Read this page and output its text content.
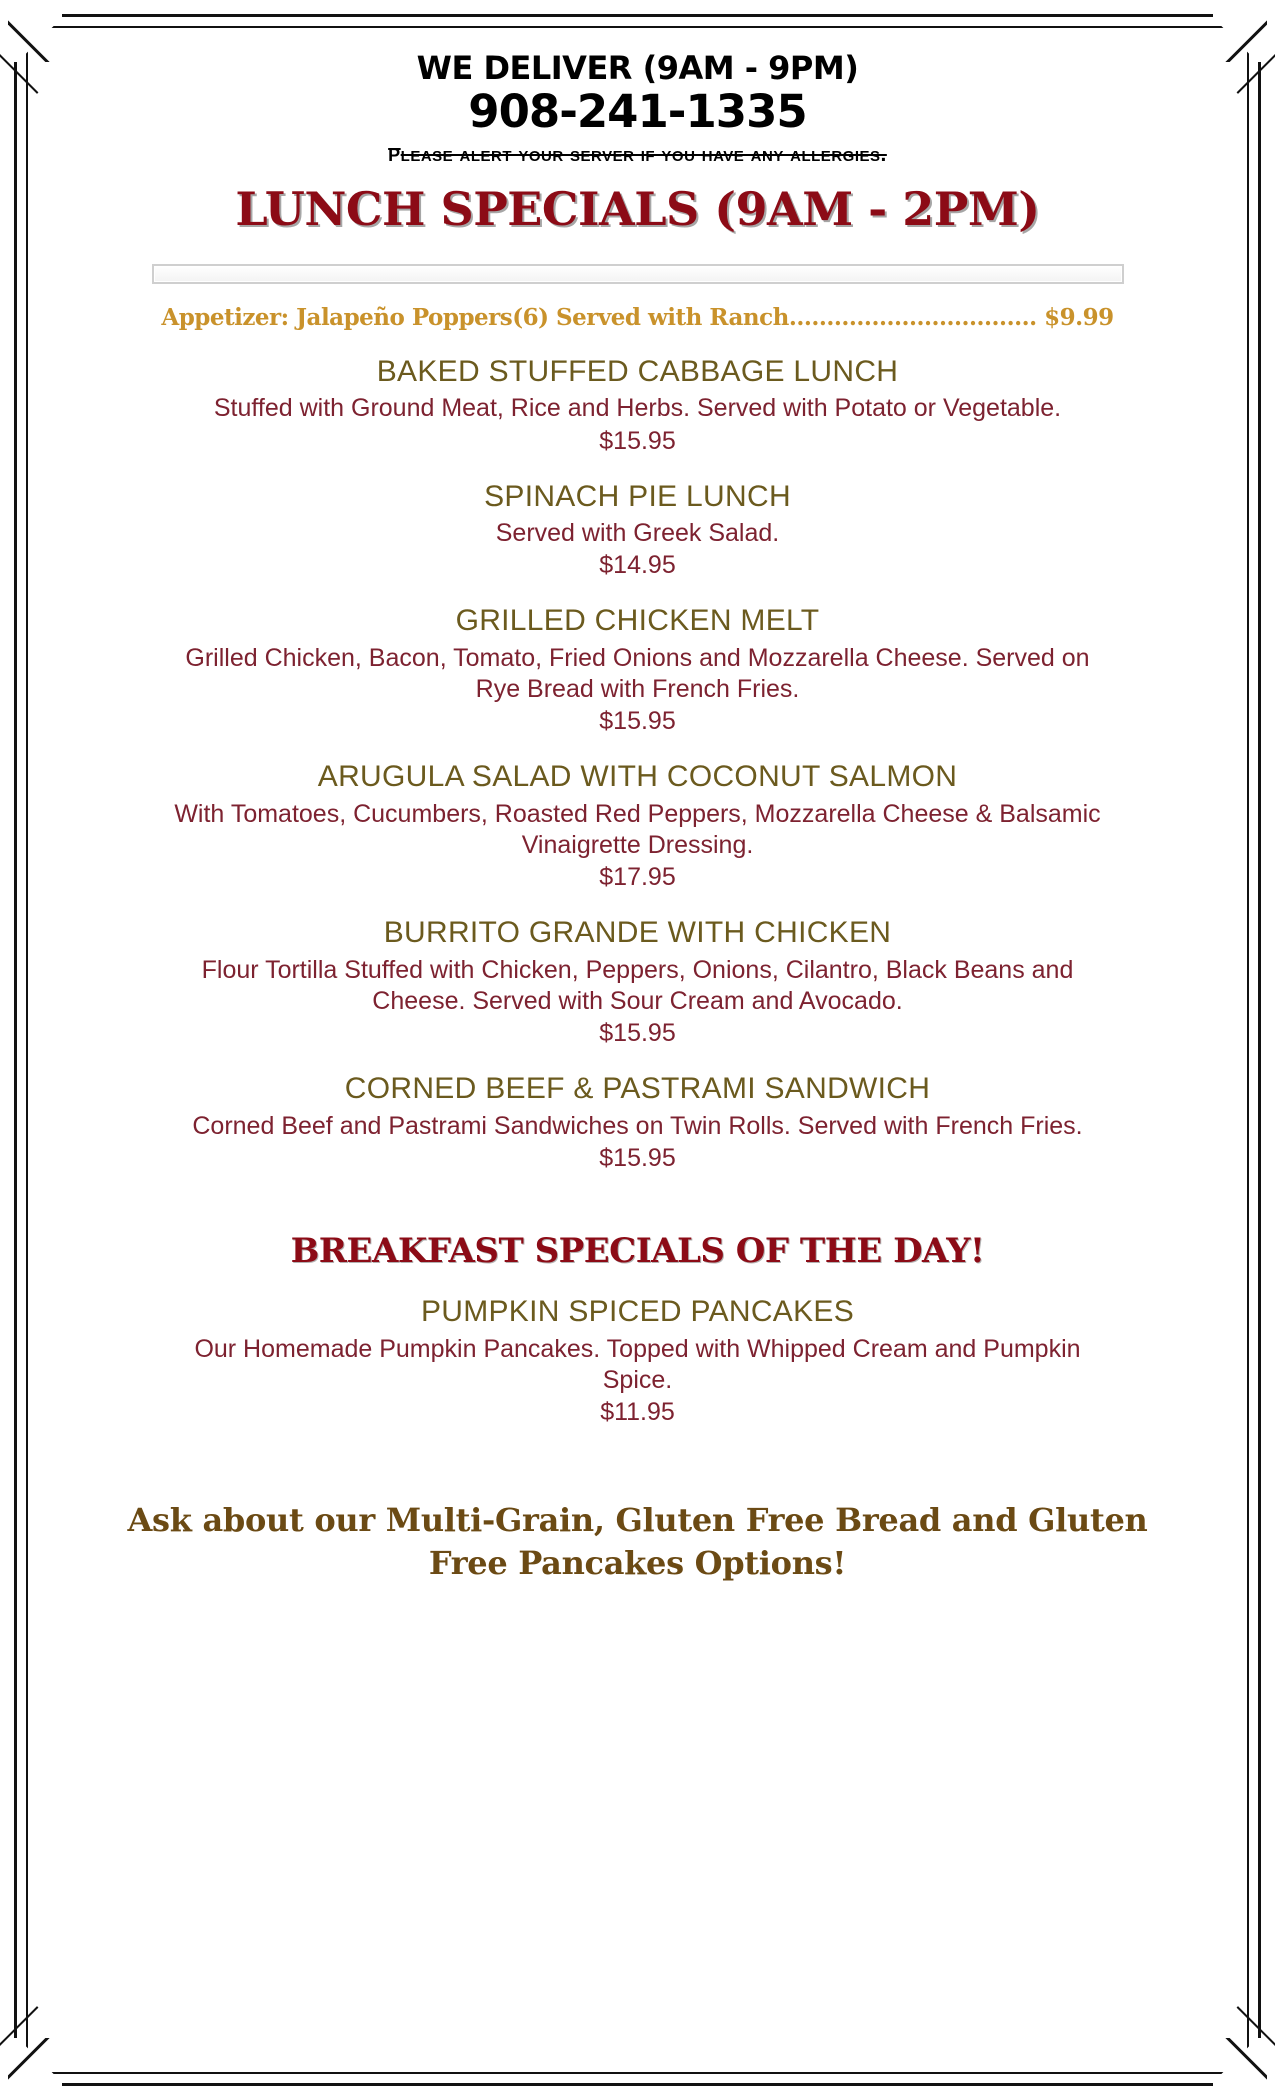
WE DELIVER (9AM - 9PM)
908-241-1335
please alert your server if you have any allergies.
LUNCH SPECIALS (9AM - 2PM)
Appetizer: Jalapeño Poppers(6) Served with Ranch................................. $9.99
BAKED STUFFED CABBAGE LUNCH
Stuffed with Ground Meat, Rice and Herbs. Served with Potato or Vegetable.
$15.95
SPINACH PIE LUNCH
Served with Greek Salad.
$14.95
GRILLED CHICKEN MELT
Grilled Chicken, Bacon, Tomato, Fried Onions and Mozzarella Cheese. Served on Rye Bread with French Fries.
$15.95
ARUGULA SALAD WITH COCONUT SALMON
With Tomatoes, Cucumbers, Roasted Red Peppers, Mozzarella Cheese & Balsamic Vinaigrette Dressing.
$17.95
BURRITO GRANDE WITH CHICKEN
Flour Tortilla Stuffed with Chicken, Peppers, Onions, Cilantro, Black Beans and Cheese. Served with Sour Cream and Avocado.
$15.95
CORNED BEEF & PASTRAMI SANDWICH
Corned Beef and Pastrami Sandwiches on Twin Rolls. Served with French Fries.
$15.95
BREAKFAST SPECIALS OF THE DAY!
PUMPKIN SPICED PANCAKES
Our Homemade Pumpkin Pancakes. Topped with Whipped Cream and Pumpkin Spice.
$11.95
Ask about our Multi-Grain, Gluten Free Bread and Gluten Free Pancakes Options!
